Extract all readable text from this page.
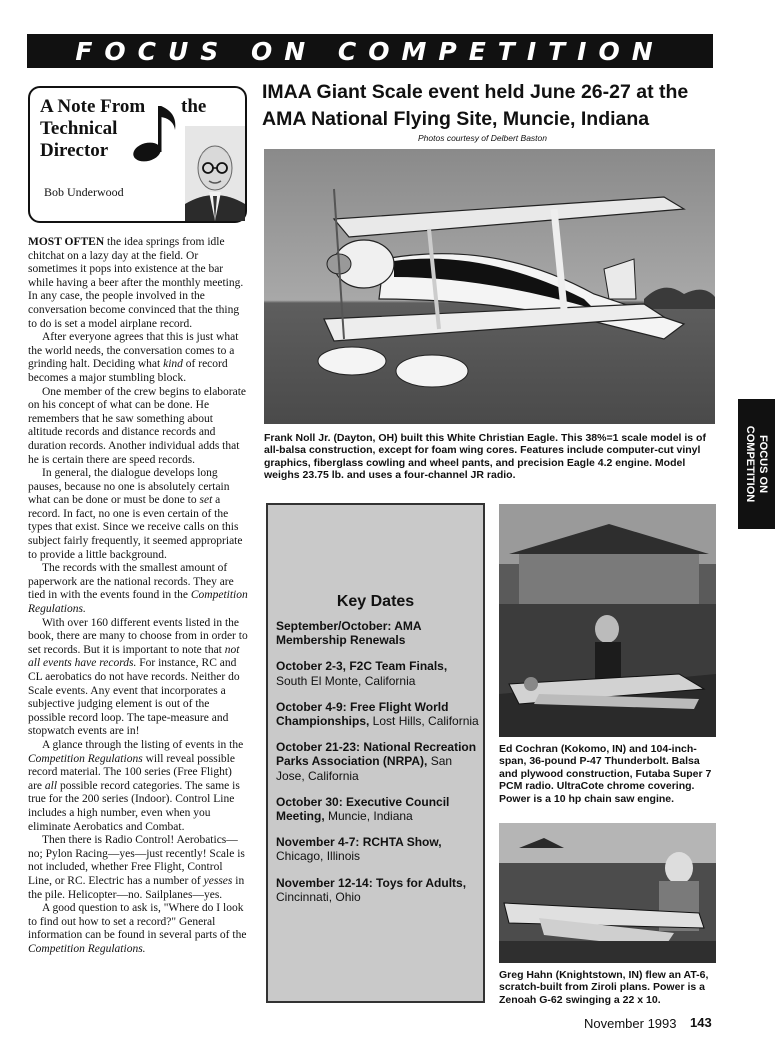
FOCUS ON COMPETITION
FOCUS ON
COMPETITION
A Note From
Technical
Director
the
Bob Underwood

MOST OFTEN the idea springs from idle chitchat on a lazy day at the field. Or sometimes it pops into existence at the bar while having a beer after the monthly meeting. In any case, the people involved in the conversation become convinced that the thing to do is set a model airplane record.

After everyone agrees that this is just what the world needs, the conversation comes to a grinding halt. Deciding what kind of record becomes a major stumbling block.

One member of the crew begins to elaborate on his concept of what can be done. He remembers that he saw something about altitude records and distance records and duration records. Another individual adds that he is certain there are speed records.

In general, the dialogue develops long pauses, because no one is absolutely certain what can be done or must be done to set a record. In fact, no one is even certain of the types that exist. Since we receive calls on this subject fairly frequently, it seemed appropriate to provide a little background.

The records with the smallest amount of paperwork are the national records. They are tied in with the events found in the Competition Regulations.

With over 160 different events listed in the book, there are many to choose from in order to set records. But it is important to note that not all events have records. For instance, RC and CL aerobatics do not have records. Neither do Scale events. Any event that incorporates a subjective judging element is out of the possible record loop. The tape-measure and stopwatch events are in!

A glance through the listing of events in the Competition Regulations will reveal possible record material. The 100 series (Free Flight) are all possible record categories. The same is true for the 200 series (Indoor). Control Line includes a high number, even when you eliminate Aerobatics and Combat.

Then there is Radio Control! Aerobatics—no; Pylon Racing—yes—just recently! Scale is not included, whether Free Flight, Control Line, or RC. Electric has a number of yesses in the pile. Helicopter—no. Sailplanes—yes.

A good question to ask is, "Where do I look to find out how to set a record?" General information can be found in several parts of the Competition Regulations.

IMAA Giant Scale event held June 26-27 at the AMA National Flying Site, Muncie, Indiana
Photos courtesy of Delbert Baston
Frank Noll Jr. (Dayton, OH) built this White Christian Eagle. This 38%=1 scale model is of all-balsa construction, except for foam wing cores. Features include computer-cut vinyl graphics, fiberglass cowling and wheel pants, and precision Eagle 4.2 engine. Model weighs 23.75 lb. and uses a four-channel JR radio.
Key Dates
September/October: AMA Membership Renewals
October 2-3, F2C Team Finals, South El Monte, California
October 4-9: Free Flight World Championships, Lost Hills, California
October 21-23: National Recreation Parks Association (NRPA), San Jose, California
October 30: Executive Council Meeting, Muncie, Indiana
November 4-7: RCHTA Show, Chicago, Illinois
November 12-14: Toys for Adults, Cincinnati, Ohio
Ed Cochran (Kokomo, IN) and 104-inch-span, 36-pound P-47 Thunderbolt. Balsa and plywood construction, Futaba Super 7 PCM radio. UltraCote chrome covering. Power is a 10 hp chain saw engine.
Greg Hahn (Knightstown, IN) flew an AT-6, scratch-built from Ziroli plans. Power is a Zenoah G-62 swinging a 22 x 10.
November 1993 143
